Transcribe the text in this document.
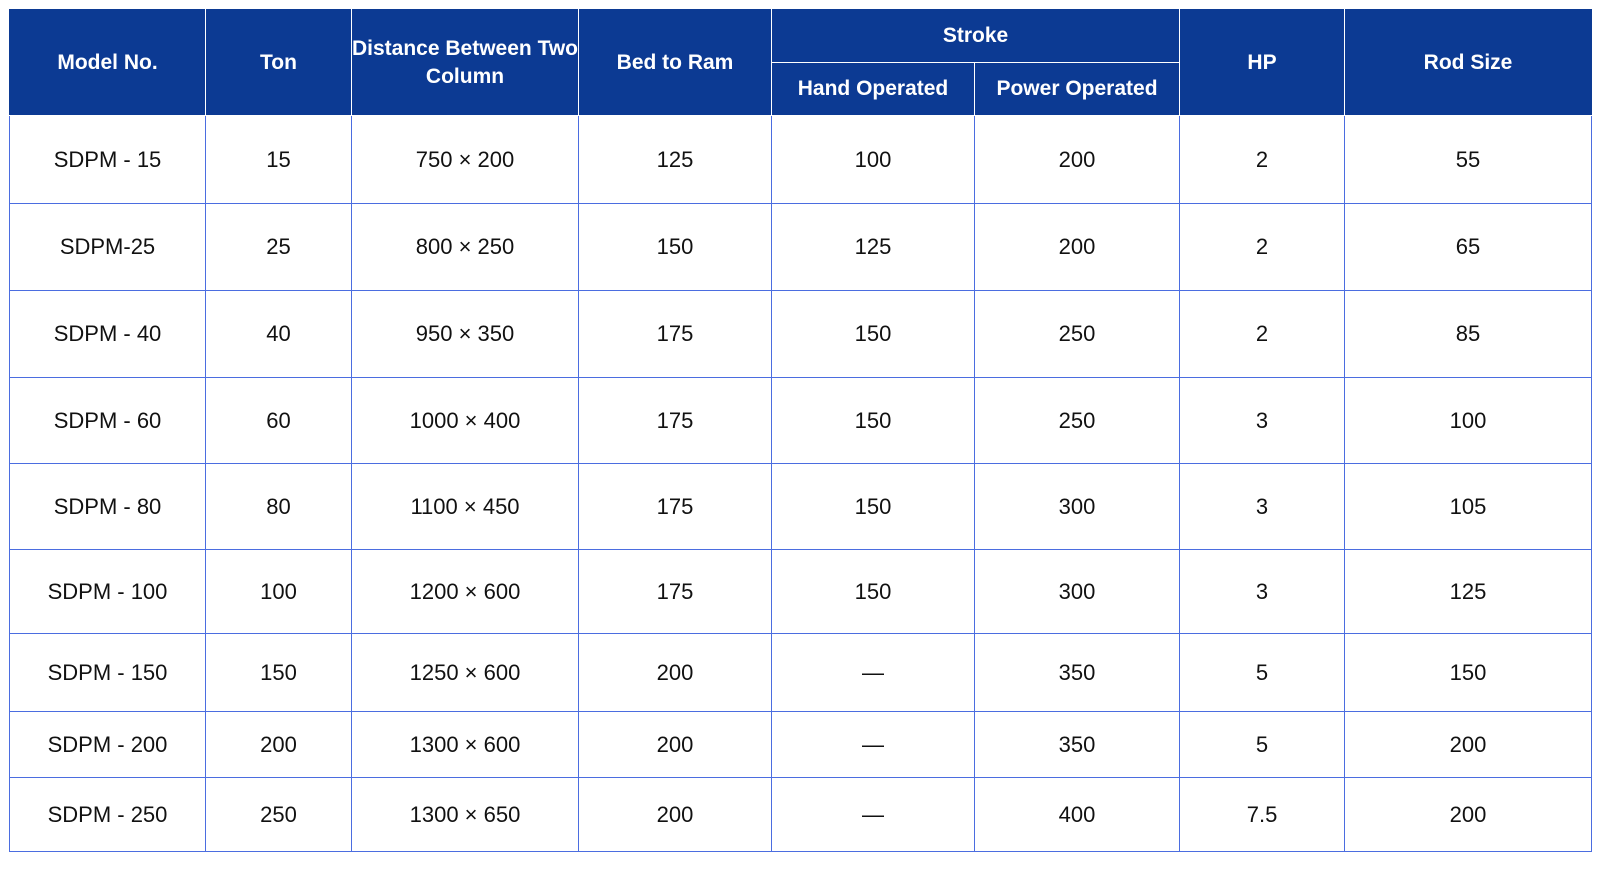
Model No.	Ton	Distance Between Two Column	Bed to Ram	Stroke		HP	Rod Size
				Hand Operated	Power Operated		
SDPM - 15	15	750 × 200	125	100	200	2	55
SDPM-25	25	800 × 250	150	125	200	2	65
SDPM - 40	40	950 × 350	175	150	250	2	85
SDPM - 60	60	1000 × 400	175	150	250	3	100
SDPM - 80	80	1100 × 450	175	150	300	3	105
SDPM - 100	100	1200 × 600	175	150	300	3	125
SDPM - 150	150	1250 × 600	200	—	350	5	150
SDPM - 200	200	1300 × 600	200	—	350	5	200
SDPM - 250	250	1300 × 650	200	—	400	7.5	200
